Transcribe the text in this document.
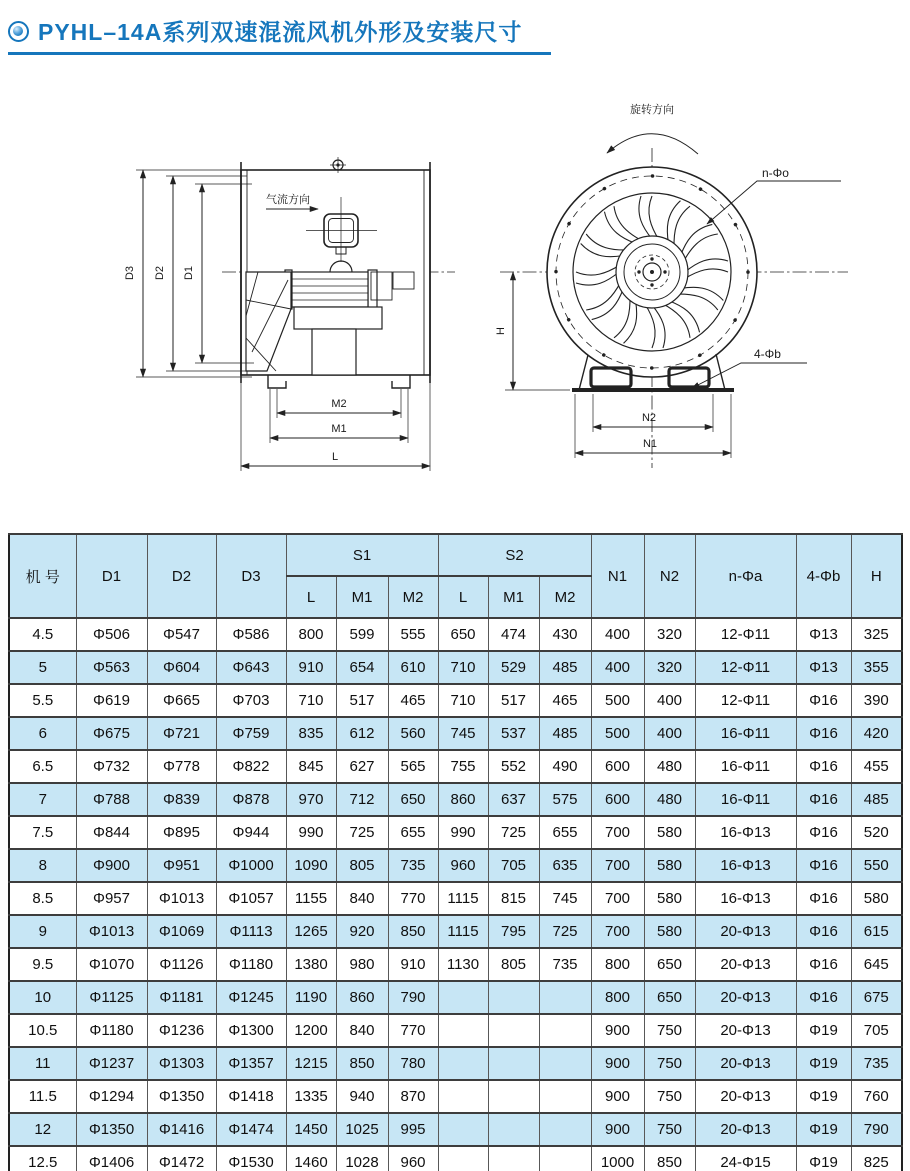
PYHL–14A系列双速混流风机外形及安装尺寸
气流方向
M2
M1
L
D3 D2 D1
H
N2
N1
旋转方向
n-Φo
4-Φb
机 号	D1	D2	D3	S1			S2			N1	N2	n-Φa	4-Φb	H
				L	M1	M2	L	M1	M2					
4.5	Φ506	Φ547	Φ586	800	599	555	650	474	430	400	320	12-Φ11	Φ13	325
5	Φ563	Φ604	Φ643	910	654	610	710	529	485	400	320	12-Φ11	Φ13	355
5.5	Φ619	Φ665	Φ703	710	517	465	710	517	465	500	400	12-Φ11	Φ16	390
6	Φ675	Φ721	Φ759	835	612	560	745	537	485	500	400	16-Φ11	Φ16	420
6.5	Φ732	Φ778	Φ822	845	627	565	755	552	490	600	480	16-Φ11	Φ16	455
7	Φ788	Φ839	Φ878	970	712	650	860	637	575	600	480	16-Φ11	Φ16	485
7.5	Φ844	Φ895	Φ944	990	725	655	990	725	655	700	580	16-Φ13	Φ16	520
8	Φ900	Φ951	Φ1000	1090	805	735	960	705	635	700	580	16-Φ13	Φ16	550
8.5	Φ957	Φ1013	Φ1057	1155	840	770	1115	815	745	700	580	16-Φ13	Φ16	580
9	Φ1013	Φ1069	Φ1113	1265	920	850	1115	795	725	700	580	20-Φ13	Φ16	615
9.5	Φ1070	Φ1126	Φ1180	1380	980	910	1130	805	735	800	650	20-Φ13	Φ16	645
10	Φ1125	Φ1181	Φ1245	1190	860	790				800	650	20-Φ13	Φ16	675
10.5	Φ1180	Φ1236	Φ1300	1200	840	770				900	750	20-Φ13	Φ19	705
11	Φ1237	Φ1303	Φ1357	1215	850	780				900	750	20-Φ13	Φ19	735
11.5	Φ1294	Φ1350	Φ1418	1335	940	870				900	750	20-Φ13	Φ19	760
12	Φ1350	Φ1416	Φ1474	1450	1025	995				900	750	20-Φ13	Φ19	790
12.5	Φ1406	Φ1472	Φ1530	1460	1028	960				1000	850	24-Φ15	Φ19	825
